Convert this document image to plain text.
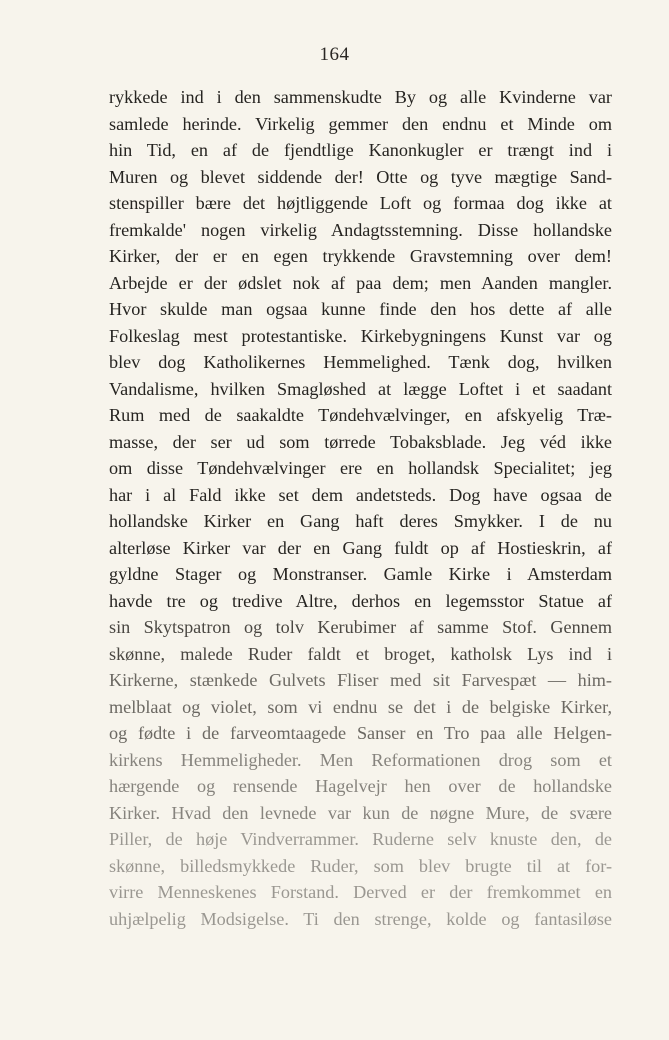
164
rykkede ind i den sammenskudte By og alle Kvinderne var
samlede herinde. Virkelig gemmer den endnu et Minde om
hin Tid, en af de fjendtlige Kanonkugler er trængt ind i
Muren og blevet siddende der! Otte og tyve mægtige Sand-
stenspiller bære det højtliggende Loft og formaa dog ikke at
fremkalde' nogen virkelig Andagtsstemning. Disse hollandske
Kirker, der er en egen trykkende Gravstemning over dem!
Arbejde er der ødslet nok af paa dem; men Aanden mangler.
Hvor skulde man ogsaa kunne finde den hos dette af alle
Folkeslag mest protestantiske. Kirkebygningens Kunst var og
blev dog Katholikernes Hemmelighed. Tænk dog, hvilken
Vandalisme, hvilken Smagløshed at lægge Loftet i et saadant
Rum med de saakaldte Tøndehvælvinger, en afskyelig Træ-
masse, der ser ud som tørrede Tobaksblade. Jeg véd ikke
om disse Tøndehvælvinger ere en hollandsk Specialitet; jeg
har i al Fald ikke set dem andetsteds. Dog have ogsaa de
hollandske Kirker en Gang haft deres Smykker. I de nu
alterløse Kirker var der en Gang fuldt op af Hostieskrin, af
gyldne Stager og Monstranser. Gamle Kirke i Amsterdam
havde tre og tredive Altre, derhos en legemsstor Statue af
sin Skytspatron og tolv Kerubimer af samme Stof. Gennem
skønne, malede Ruder faldt et broget, katholsk Lys ind i
Kirkerne, stænkede Gulvets Fliser med sit Farvespæt — him-
melblaat og violet, som vi endnu se det i de belgiske Kirker,
og fødte i de farveomtaagede Sanser en Tro paa alle Helgen-
kirkens Hemmeligheder. Men Reformationen drog som et
hærgende og rensende Hagelvejr hen over de hollandske
Kirker. Hvad den levnede var kun de nøgne Mure, de svære
Piller, de høje Vindverrammer. Ruderne selv knuste den, de
skønne, billedsmykkede Ruder, som blev brugte til at for-
virre Menneskenes Forstand. Derved er der fremkommet en
uhjælpelig Modsigelse. Ti den strenge, kolde og fantasiløse
